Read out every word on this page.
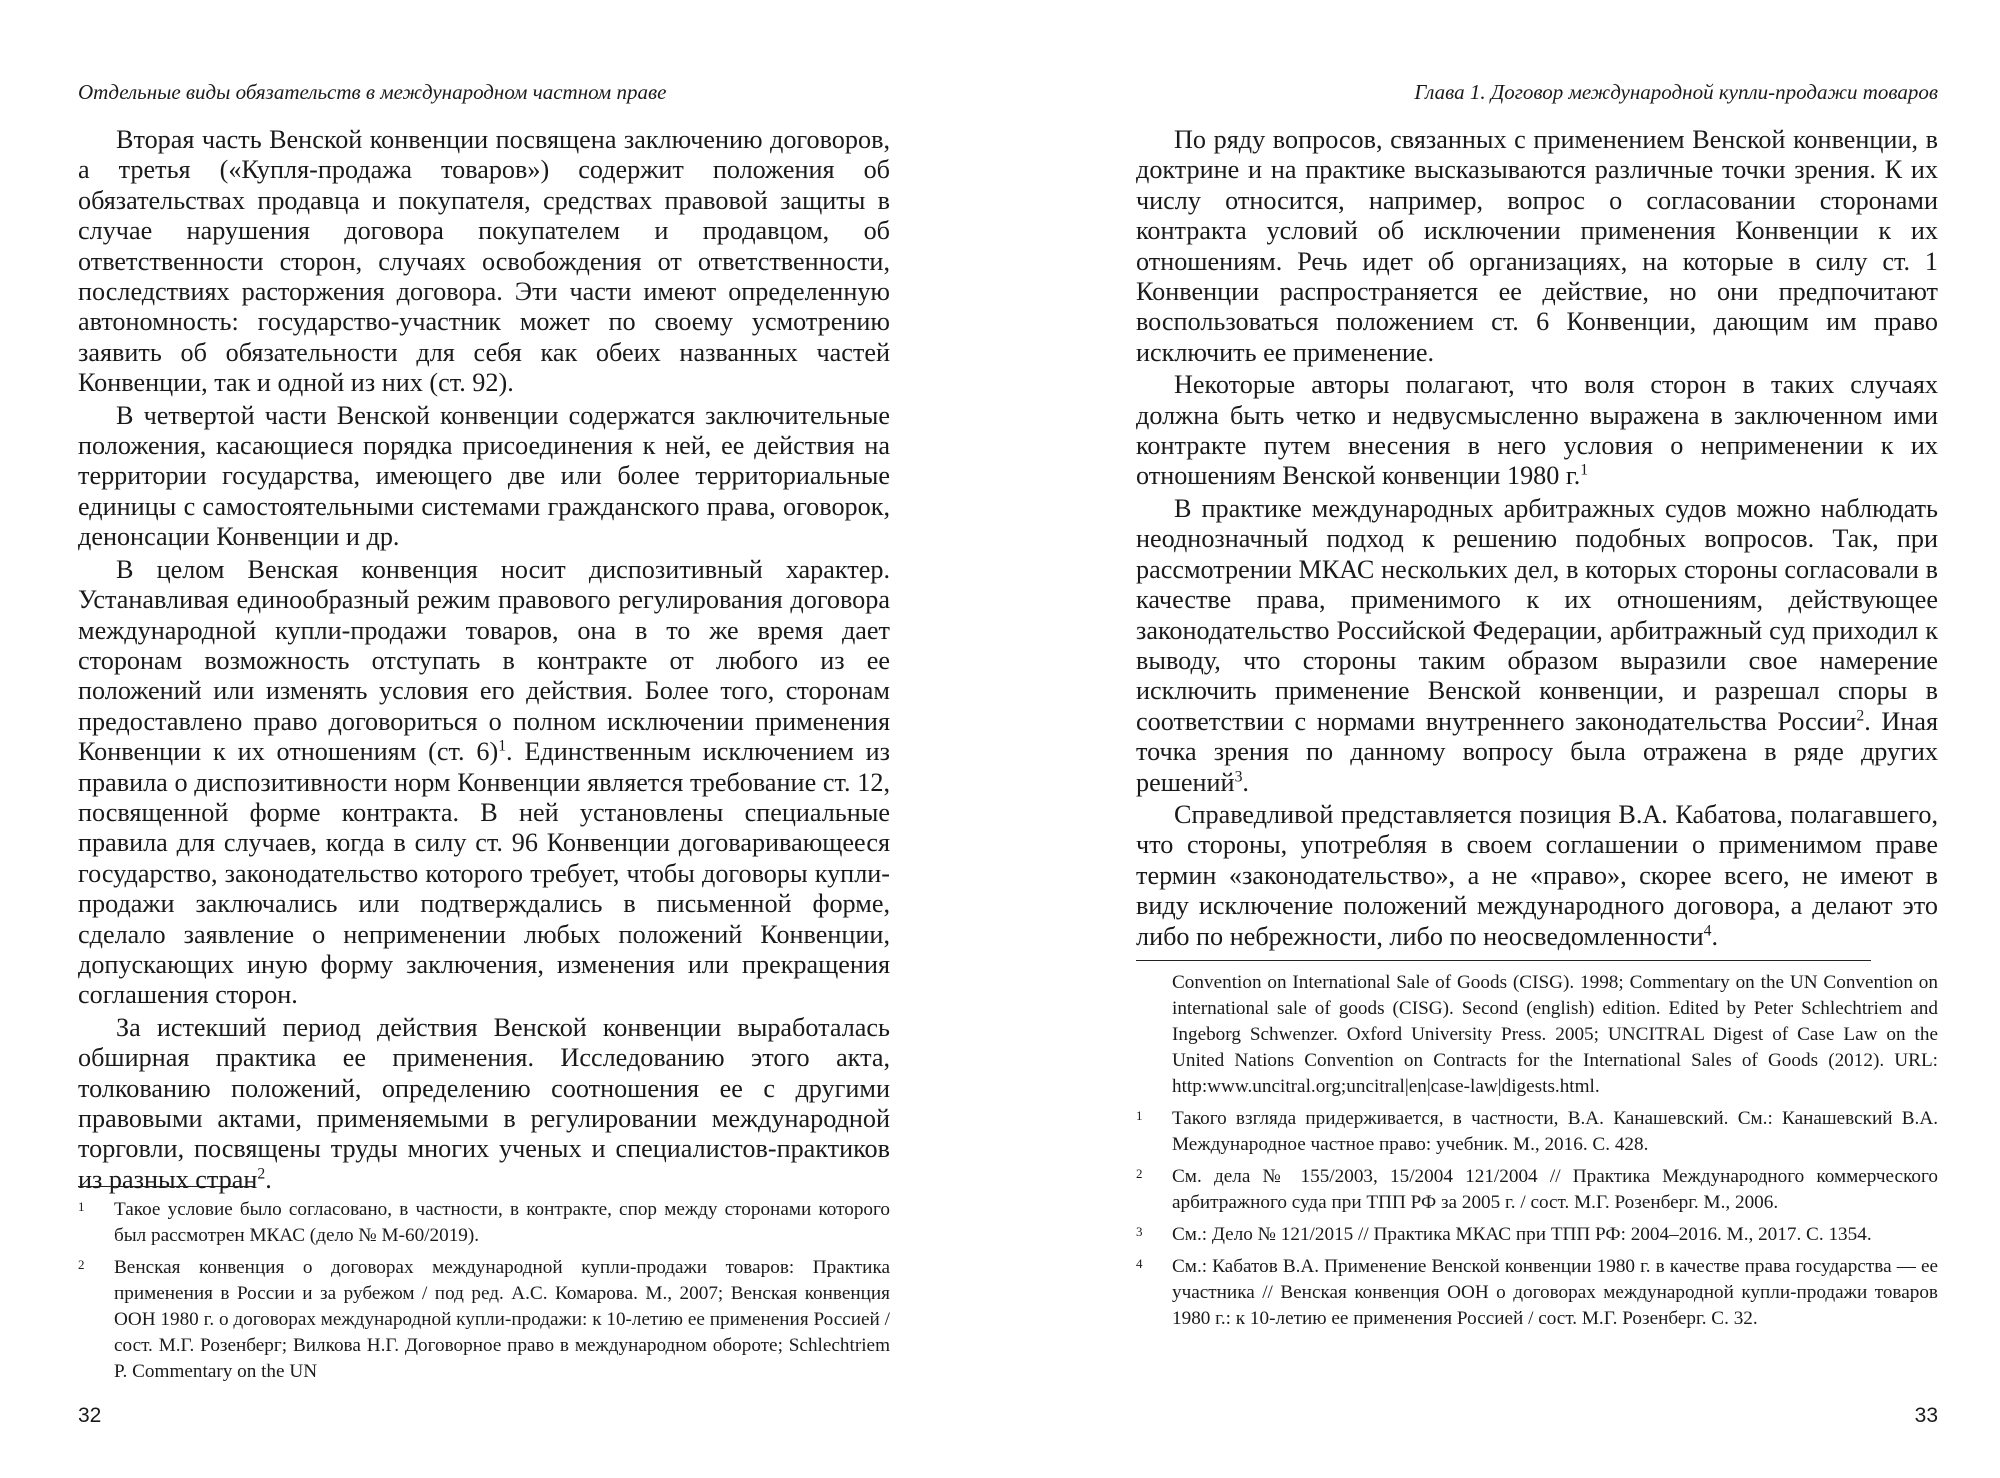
Отдельные виды обязательств в международном частном праве

Вторая часть Венской конвенции посвящена заключению договоров, а третья («Купля-продажа товаров») содержит положения об обязательствах продавца и покупателя, средствах правовой защиты в случае нарушения договора покупателем и продавцом, об ответственности сторон, случаях освобождения от ответственности, последствиях расторжения договора. Эти части имеют определенную автономность: государство-участник может по своему усмотрению заявить об обязательности для себя как обеих названных частей Конвенции, так и одной из них (ст. 92).

В четвертой части Венской конвенции содержатся заключительные положения, касающиеся порядка присоединения к ней, ее действия на территории государства, имеющего две или более территориальные единицы с самостоятельными системами гражданского права, оговорок, денонсации Конвенции и др.

В целом Венская конвенция носит диспозитивный характер. Устанавливая единообразный режим правового регулирования договора международной купли-продажи товаров, она в то же время дает сторонам возможность отступать в контракте от любого из ее положений или изменять условия его действия. Более того, сторонам предоставлено право договориться о полном исключении применения Конвенции к их отношениям (ст. 6)$^1$. Единственным исключением из правила о диспозитивности норм Конвенции является требование ст. 12, посвященной форме контракта. В ней установлены специальные правила для случаев, когда в силу ст. 96 Конвенции договаривающееся государство, законодательство которого требует, чтобы договоры купли-продажи заключались или подтверждались в письменной форме, сделало заявление о неприменении любых положений Конвенции, допускающих иную форму заключения, изменения или прекращения соглашения сторон.

За истекший период действия Венской конвенции выработалась обширная практика ее применения. Исследованию этого акта, толкованию положений, определению соотношения ее с другими правовыми актами, применяемыми в регулировании международной торговли, посвящены труды многих ученых и специалистов-практиков из разных стран$^2$.

1	Такое условие было согласовано, в частности, в контракте, спор между сторонами которого был рассмотрен МКАС (дело № М-60/2019).
2	Венская конвенция о договорах международной купли-продажи товаров: Практика применения в России и за рубежом / под ред. А.С. Комарова. М., 2007; Венская конвенция ООН 1980 г. о договорах международной купли-продажи: к 10-летию ее применения Россией / сост. М.Г. Розенберг; Вилкова Н.Г. Договорное право в международном обороте; Schlechtriem P. Commentary on the UN
32
Глава 1. Договор международной купли-продажи товаров

По ряду вопросов, связанных с применением Венской конвенции, в доктрине и на практике высказываются различные точки зрения. К их числу относится, например, вопрос о согласовании сторонами контракта условий об исключении применения Конвенции к их отношениям. Речь идет об организациях, на которые в силу ст. 1 Конвенции распространяется ее действие, но они предпочитают воспользоваться положением ст. 6 Конвенции, дающим им право исключить ее применение.

Некоторые авторы полагают, что воля сторон в таких случаях должна быть четко и недвусмысленно выражена в заключенном ими контракте путем внесения в него условия о неприменении к их отношениям Венской конвенции 1980 г.$^1$

В практике международных арбитражных судов можно наблюдать неоднозначный подход к решению подобных вопросов. Так, при рассмотрении МКАС нескольких дел, в которых стороны согласовали в качестве права, применимого к их отношениям, действующее законодательство Российской Федерации, арбитражный суд приходил к выводу, что стороны таким образом выразили свое намерение исключить применение Венской конвенции, и разрешал споры в соответствии с нормами внутреннего законодательства России$^2$. Иная точка зрения по данному вопросу была отражена в ряде других решений$^3$.

Справедливой представляется позиция В.А. Кабатова, полагавшего, что стороны, употребляя в своем соглашении о применимом праве термин «законодательство», а не «право», скорее всего, не имеют в виду исключение положений международного договора, а делают это либо по небрежности, либо по неосведомленности$^4$.

Convention on International Sale of Goods (CISG). 1998; Commentary on the UN Convention on international sale of goods (CISG). Second (english) edition. Edited by Peter Schlechtriem and Ingeborg Schwenzer. Oxford University Press. 2005; UNCITRAL Digest of Case Law on the United Nations Convention on Contracts for the International Sales of Goods (2012). URL: http:www.uncitral.org;uncitral|en|case-law|digests.html.
1	Такого взгляда придерживается, в частности, В.А. Канашевский. См.: Канашевский В.А. Международное частное право: учебник. М., 2016. С. 428.
2	См. дела № 155/2003, 15/2004 121/2004 // Практика Международного коммерческого арбитражного суда при ТПП РФ за 2005 г. / сост. М.Г. Розенберг. М., 2006.
3	См.: Дело № 121/2015 // Практика МКАС при ТПП РФ: 2004–2016. М., 2017. С. 1354.
4	См.: Кабатов В.А. Применение Венской конвенции 1980 г. в качестве права государства — ее участника // Венская конвенция ООН о договорах международной купли-продажи товаров 1980 г.: к 10-летию ее применения Россией / сост. М.Г. Розенберг. С. 32.
33
